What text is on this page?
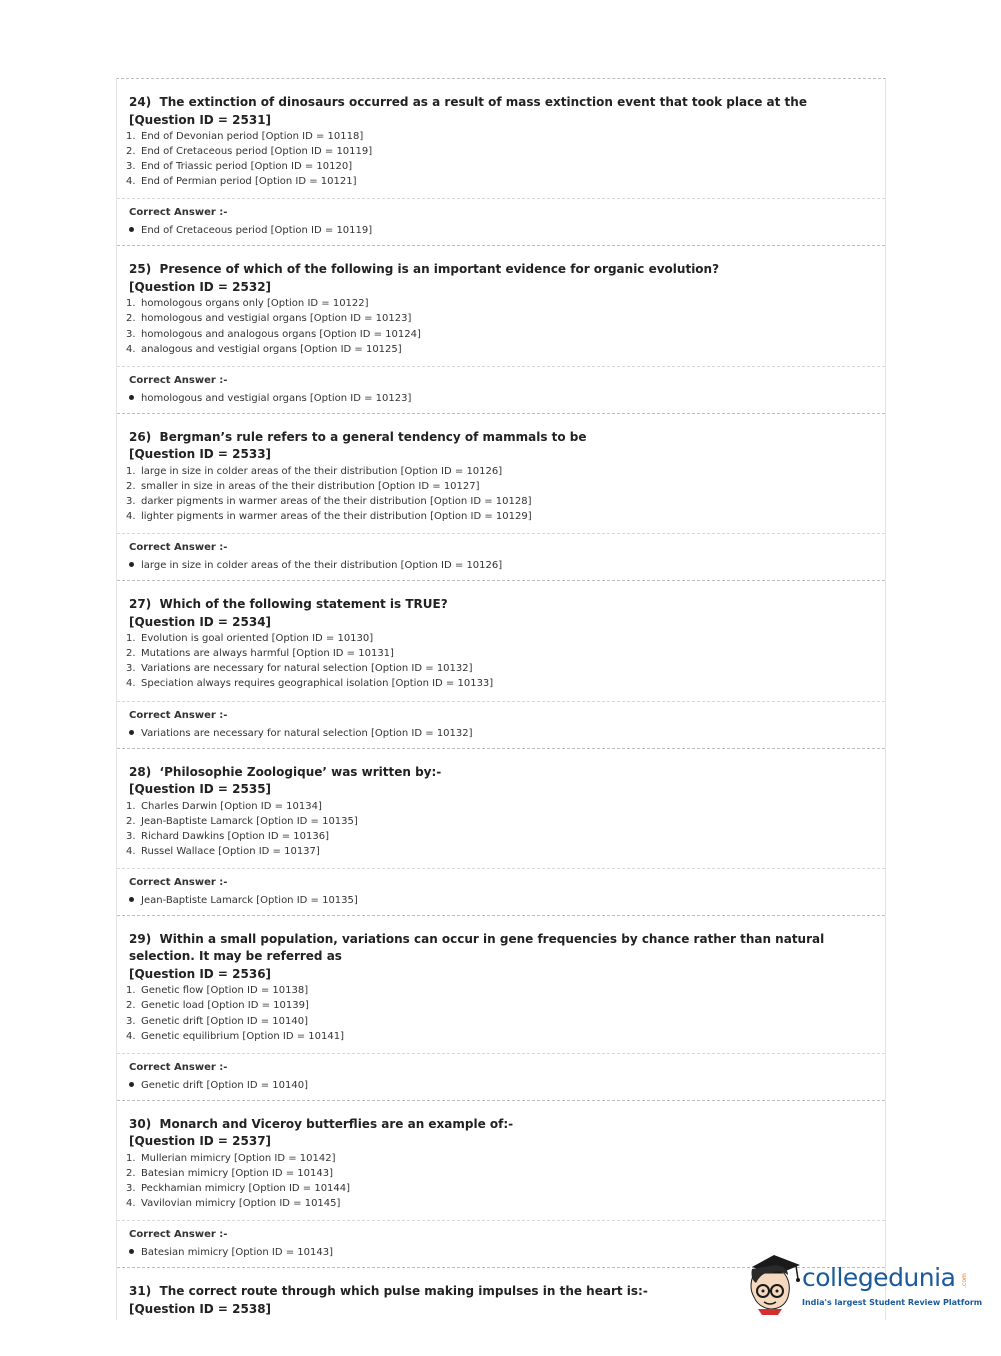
24) The extinction of dinosaurs occurred as a result of mass extinction event that took place at the
[Question ID = 2531]
1. End of Devonian period [Option ID = 10118]
2. End of Cretaceous period [Option ID = 10119]
3. End of Triassic period [Option ID = 10120]
4. End of Permian period [Option ID = 10121]
Correct Answer :-
End of Cretaceous period [Option ID = 10119]
25) Presence of which of the following is an important evidence for organic evolution?
[Question ID = 2532]
1. homologous organs only [Option ID = 10122]
2. homologous and vestigial organs [Option ID = 10123]
3. homologous and analogous organs [Option ID = 10124]
4. analogous and vestigial organs [Option ID = 10125]
Correct Answer :-
homologous and vestigial organs [Option ID = 10123]
26) Bergman’s rule refers to a general tendency of mammals to be
[Question ID = 2533]
1. large in size in colder areas of the their distribution [Option ID = 10126]
2. smaller in size in areas of the their distribution [Option ID = 10127]
3. darker pigments in warmer areas of the their distribution [Option ID = 10128]
4. lighter pigments in warmer areas of the their distribution [Option ID = 10129]
Correct Answer :-
large in size in colder areas of the their distribution [Option ID = 10126]
27) Which of the following statement is TRUE?
[Question ID = 2534]
1. Evolution is goal oriented [Option ID = 10130]
2. Mutations are always harmful [Option ID = 10131]
3. Variations are necessary for natural selection [Option ID = 10132]
4. Speciation always requires geographical isolation [Option ID = 10133]
Correct Answer :-
Variations are necessary for natural selection [Option ID = 10132]
28) ‘Philosophie Zoologique’ was written by:-
[Question ID = 2535]
1. Charles Darwin [Option ID = 10134]
2. Jean-Baptiste Lamarck [Option ID = 10135]
3. Richard Dawkins [Option ID = 10136]
4. Russel Wallace [Option ID = 10137]
Correct Answer :-
Jean-Baptiste Lamarck [Option ID = 10135]
29) Within a small population, variations can occur in gene frequencies by chance rather than natural selection. It may be referred as
[Question ID = 2536]
1. Genetic flow [Option ID = 10138]
2. Genetic load [Option ID = 10139]
3. Genetic drift [Option ID = 10140]
4. Genetic equilibrium [Option ID = 10141]
Correct Answer :-
Genetic drift [Option ID = 10140]
30) Monarch and Viceroy butterflies are an example of:-
[Question ID = 2537]
1. Mullerian mimicry [Option ID = 10142]
2. Batesian mimicry [Option ID = 10143]
3. Peckhamian mimicry [Option ID = 10144]
4. Vavilovian mimicry [Option ID = 10145]
Correct Answer :-
Batesian mimicry [Option ID = 10143]
31) The correct route through which pulse making impulses in the heart is:-
[Question ID = 2538]
collegedunia .com
India's largest Student Review Platform
